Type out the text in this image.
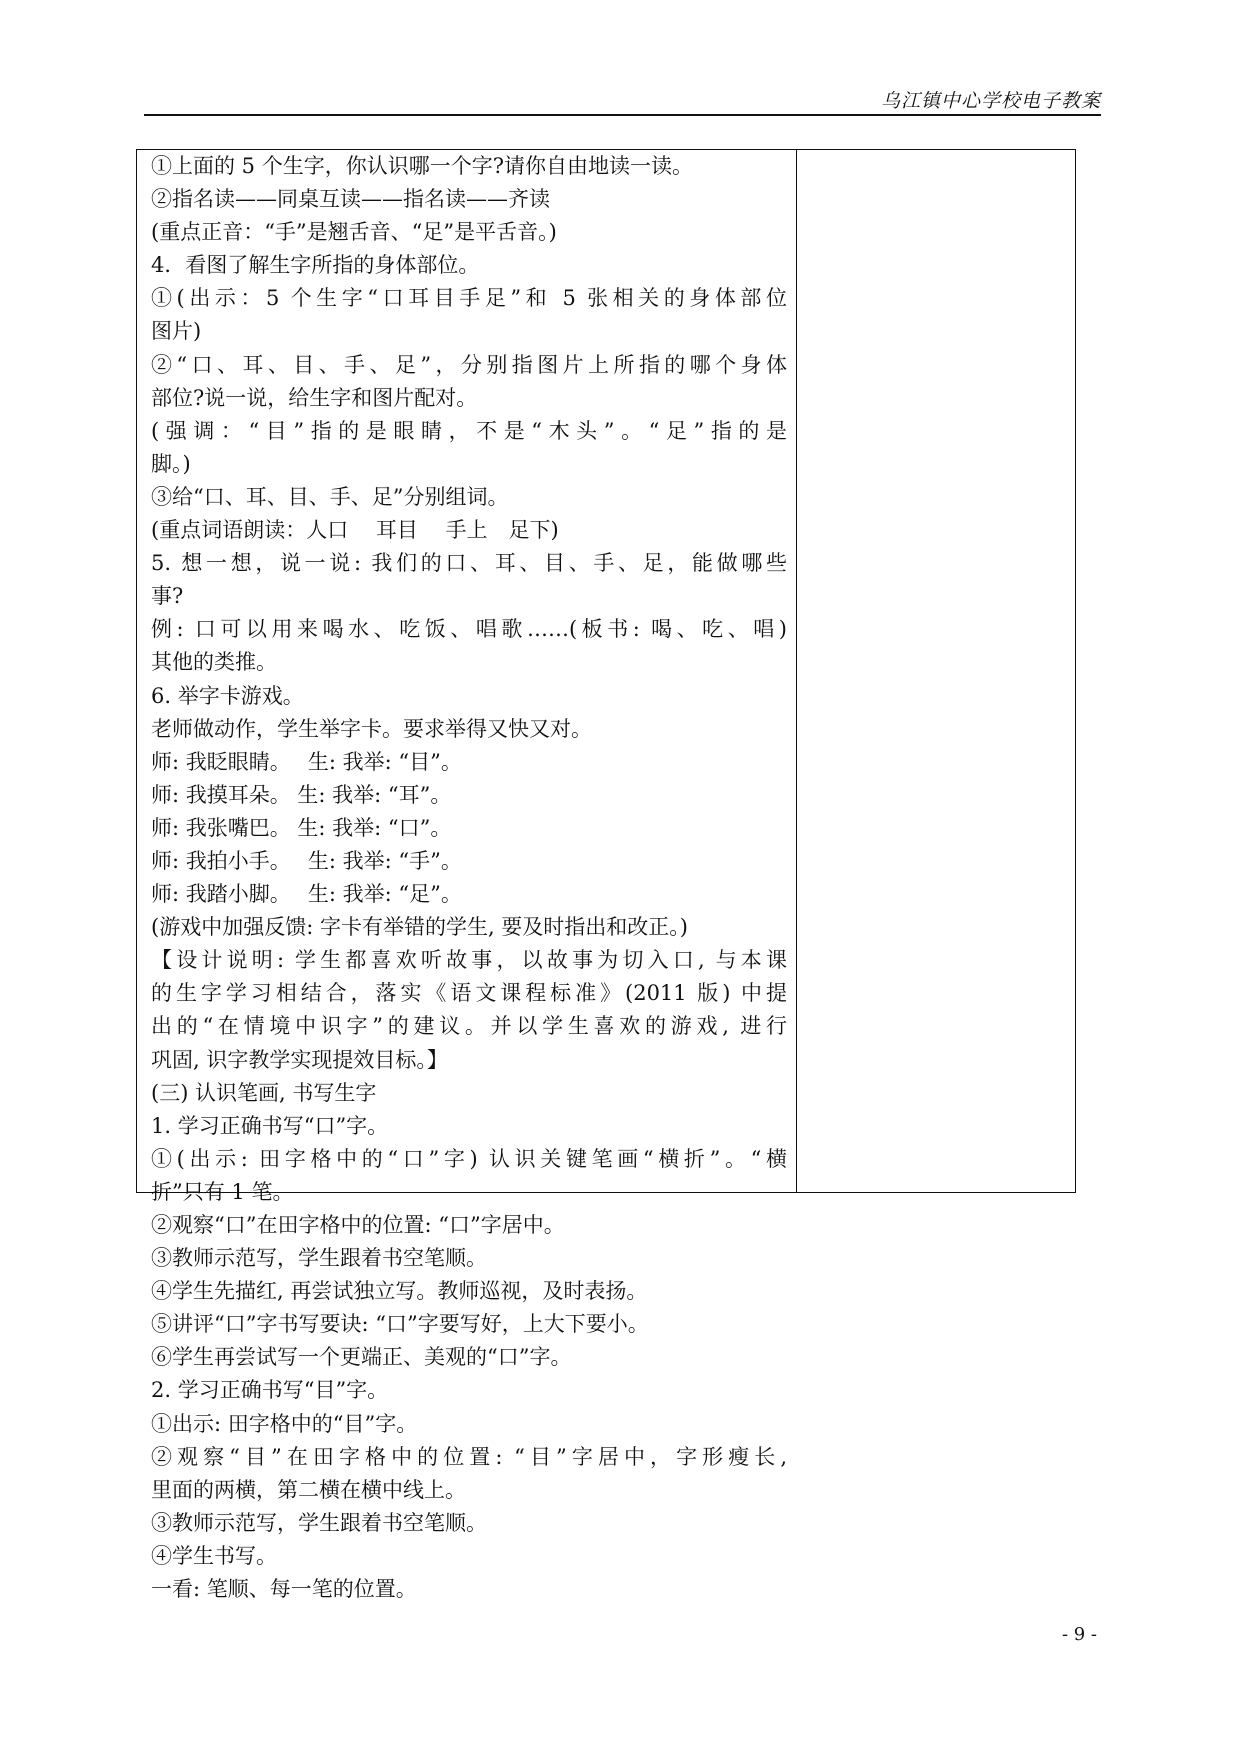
乌江镇中心学校电子教案
①上面的 5 个生字，你认识哪一个字?请你自由地读一读。
②指名读——同桌互读——指名读——齐读
(重点正音：“手”是翘舌音、“足”是平舌音。)
4．看图了解生字所指的身体部位。
①(出示：5 个生字“口耳目手足”和 5 张相关的身体部位
图片)
②“口、耳、目、手、足”，分别指图片上所指的哪个身体
部位?说一说，给生字和图片配对。
(强调：“目”指的是眼睛，不是“木头”。“足”指的是
脚。)
③给“口、耳、目、手、足”分别组词。
(重点词语朗读：人口　 耳目　 手上　足下)
5. 想一想，说一说: 我们的口、耳、目、手、足，能做哪些
事?
例: 口可以用来喝水、吃饭、唱歌……(板书: 喝、吃、唱)
其他的类推。
6. 举字卡游戏。
老师做动作，学生举字卡。要求举得又快又对。
师: 我眨眼睛。　 生: 我举: “目”。
师: 我摸耳朵。 生: 我举: “耳”。
师: 我张嘴巴。 生: 我举: “口”。
师: 我拍小手。　 生: 我举: “手”。
师: 我踏小脚。　 生: 我举: “足”。
(游戏中加强反馈: 字卡有举错的学生, 要及时指出和改正。)
【设计说明: 学生都喜欢听故事，以故事为切入口, 与本课
的生字学习相结合，落实《语文课程标准》(2011 版) 中提
出的“在情境中识字”的建议。并以学生喜欢的游戏, 进行
巩固, 识字教学实现提效目标。】
(三) 认识笔画, 书写生字
1. 学习正确书写“口”字。
①(出示: 田字格中的“口”字) 认识关键笔画“横折”。“横
折”只有 1 笔。
②观察“口”在田字格中的位置: “口”字居中。
③教师示范写，学生跟着书空笔顺。
④学生先描红, 再尝试独立写。教师巡视，及时表扬。
⑤讲评“口”字书写要诀: “口”字要写好，上大下要小。
⑥学生再尝试写一个更端正、美观的“口”字。
2. 学习正确书写“目”字。
①出示: 田字格中的“目”字。
②观察“目”在田字格中的位置: “目”字居中，字形瘦长,
里面的两横，第二横在横中线上。
③教师示范写，学生跟着书空笔顺。
④学生书写。
一看: 笔顺、每一笔的位置。
- 9 -
